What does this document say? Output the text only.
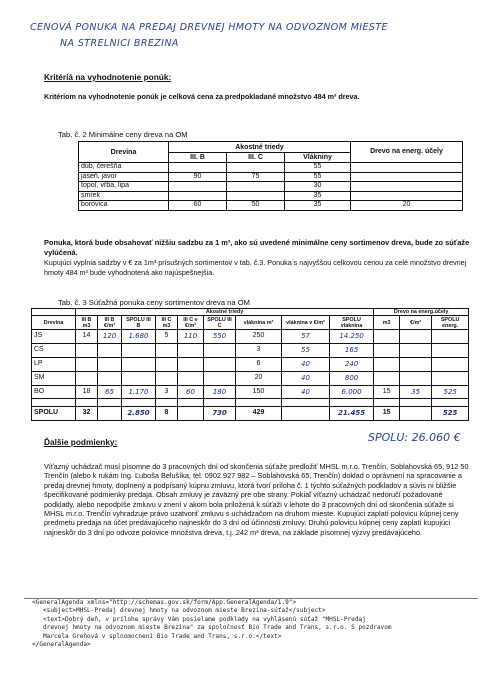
CENOVÁ PONUKA NA PREDAJ DREVNEJ HMOTY NA ODVOZNOM MIESTE
NA STRELNICI BREZINA
Kritériá na vyhodnotenie ponúk:

Kritériom na vyhodnotenie ponúk je celková cena za predpokladané množstvo 484 m³ dreva.

Tab. č. 2 Minimálne ceny dreva na OM
Drevina	Akostné triedy			Drevo na energ. účely
	III. B	III. C	Vlákniny	
dub, čerešňa			55	
jaseň, javor	90	75	55	
topoľ, vŕba, lipa			30	
smrek			35	
borovica	60	50	35	20

Ponuka, ktorá bude obsahovať nižšiu sadzbu za 1 m³, ako sú uvedené minimálne ceny sortimenov dreva, bude zo súťaže vylúčená.

Kupujúci vyplnia sadzby v € za 1m³ prísušných sortimentov v tab. č.3. Ponuka s najvyššou celkovou cenou za celé množstvo drevnej hmoty 484 m³ bude vyhodnotená ako najúspešnejšia.

Tab. č. 3 Súťažná ponuka ceny sortimentov dreva na OM
	Akostné triedy									Drevo na energ.účely		
Drevina	III B m3	III B €/m³	SPOLU III B	III C m3	III C v €/m³	SPOLU III C	vláknina m³	vláknina v €/m³	SPOLU vláknina	m3	€/m³	SPOLU energ.
JS	14	120	1.680	5	110	550	250	57	14.250			
CS							3	55	165			
LP							6	40	240			
SM							20	40	800			
BO	18	65	1.170	3	60	180	150	40	6.000	15	35	525

SPOLU	32		2.850	8		730	429		21.455	15		525
SPOLU: 26.060 €
Ďalšie podmienky:

Víťazný uchádzač musí písomne do 3 pracovných dní od skončenia súťaže predložiť MHSL m.r.o. Trenčín, Soblahovská 65, 912 50 Trenčín (alebo k rukám Ing. Ľuboša Belušíka, tel. 0902 927 982 – Soblahovská 65, Trenčín) doklad o oprávnení na spracovanie a predaj drevnej hmoty, doplnený a podpísaný kúpnu zmluvu, ktorá tvorí príloha č. 1 týchto súťažných podkladov a súvis ní bližšie špecifikované podmienky predaja. Obsah zmluvy je záväzný pre obe strany. Pokiaľ víťazný uchádzač nedoručí požadované podklady, alebo nepodpíše zmluvu v znení v akom bola priložená k súťaži v lehote do 3 pracovných dní od skončenia súťaže si MHSL m.r.o. Trenčín vyhradzuje právo uzatvoriť zmluvu s uchádzačom na druhom mieste. Kupujúci zaplatí polovicu kúpnej ceny predmetu predaja na účet predávajúceho najneskôr do 3 dní od účinnosti zmluvy. Druhú polovicu kúpnej ceny zaplatí kupujúci najneskôr do 3 dní po odvoze polovice množstva dreva, t.j. 242 m³ dreva, na základe písomnej výzvy predávajúceho.

<GeneralAgenda xmlns="http://schemas.gov.sk/form/App.GeneralAgenda/1.9">
<subject>MHSL-Predaj drevnej hmoty na odvoznom mieste Brezina-súťaž</subject>
<text>Dobrý deň, v prílohe správy Vám posielame podklady na vyhlásenú súťaž "MHSL-Predaj
drevnej hmoty na odvoznom mieste Brezina" za spoločnosť Bio Trade and Trans, s.r.o. S pozdravom
Marcela Greňová v splnomocnení Bio Trade and Trans, s.r.o.</text>
</GeneralAgenda>
